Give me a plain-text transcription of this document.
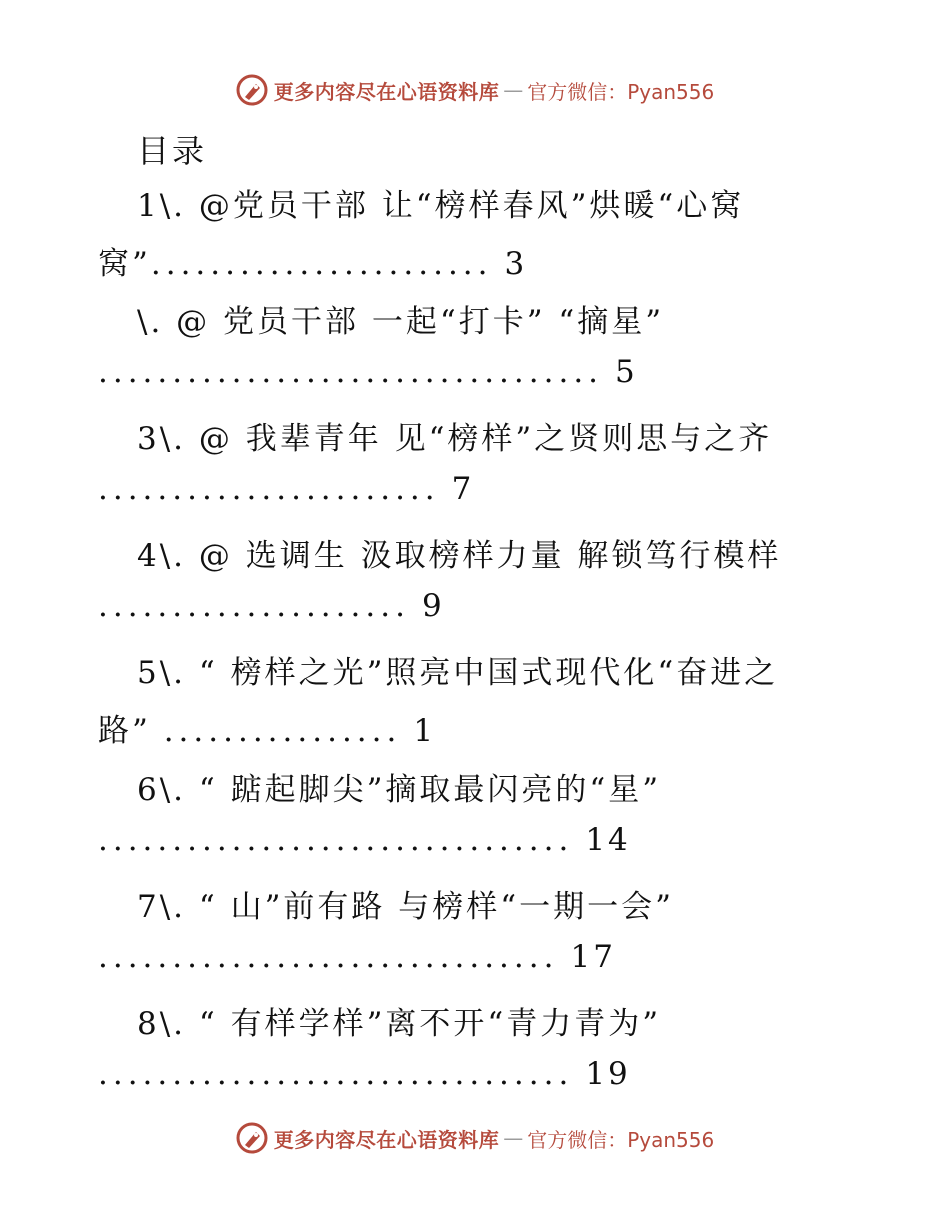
更多内容尽在心语资料库 — 官方微信：Pyan556
目录
1\. @党员干部 让“榜样春风”烘暖“心窝
窝”....................... 3
\. @ 党员干部 一起“打卡” “摘星”
.................................. 5
3\. @ 我辈青年 见“榜样”之贤则思与之齐
....................... 7
4\. @ 选调生 汲取榜样力量 解锁笃行模样
..................... 9
5\. “ 榜样之光”照亮中国式现代化“奋进之
路” ................ 1
6\. “ 踮起脚尖”摘取最闪亮的“星”
................................ 14
7\. “ 山”前有路 与榜样“一期一会”
............................... 17
8\. “ 有样学样”离不开“青力青为”
................................ 19
更多内容尽在心语资料库 — 官方微信：Pyan556
